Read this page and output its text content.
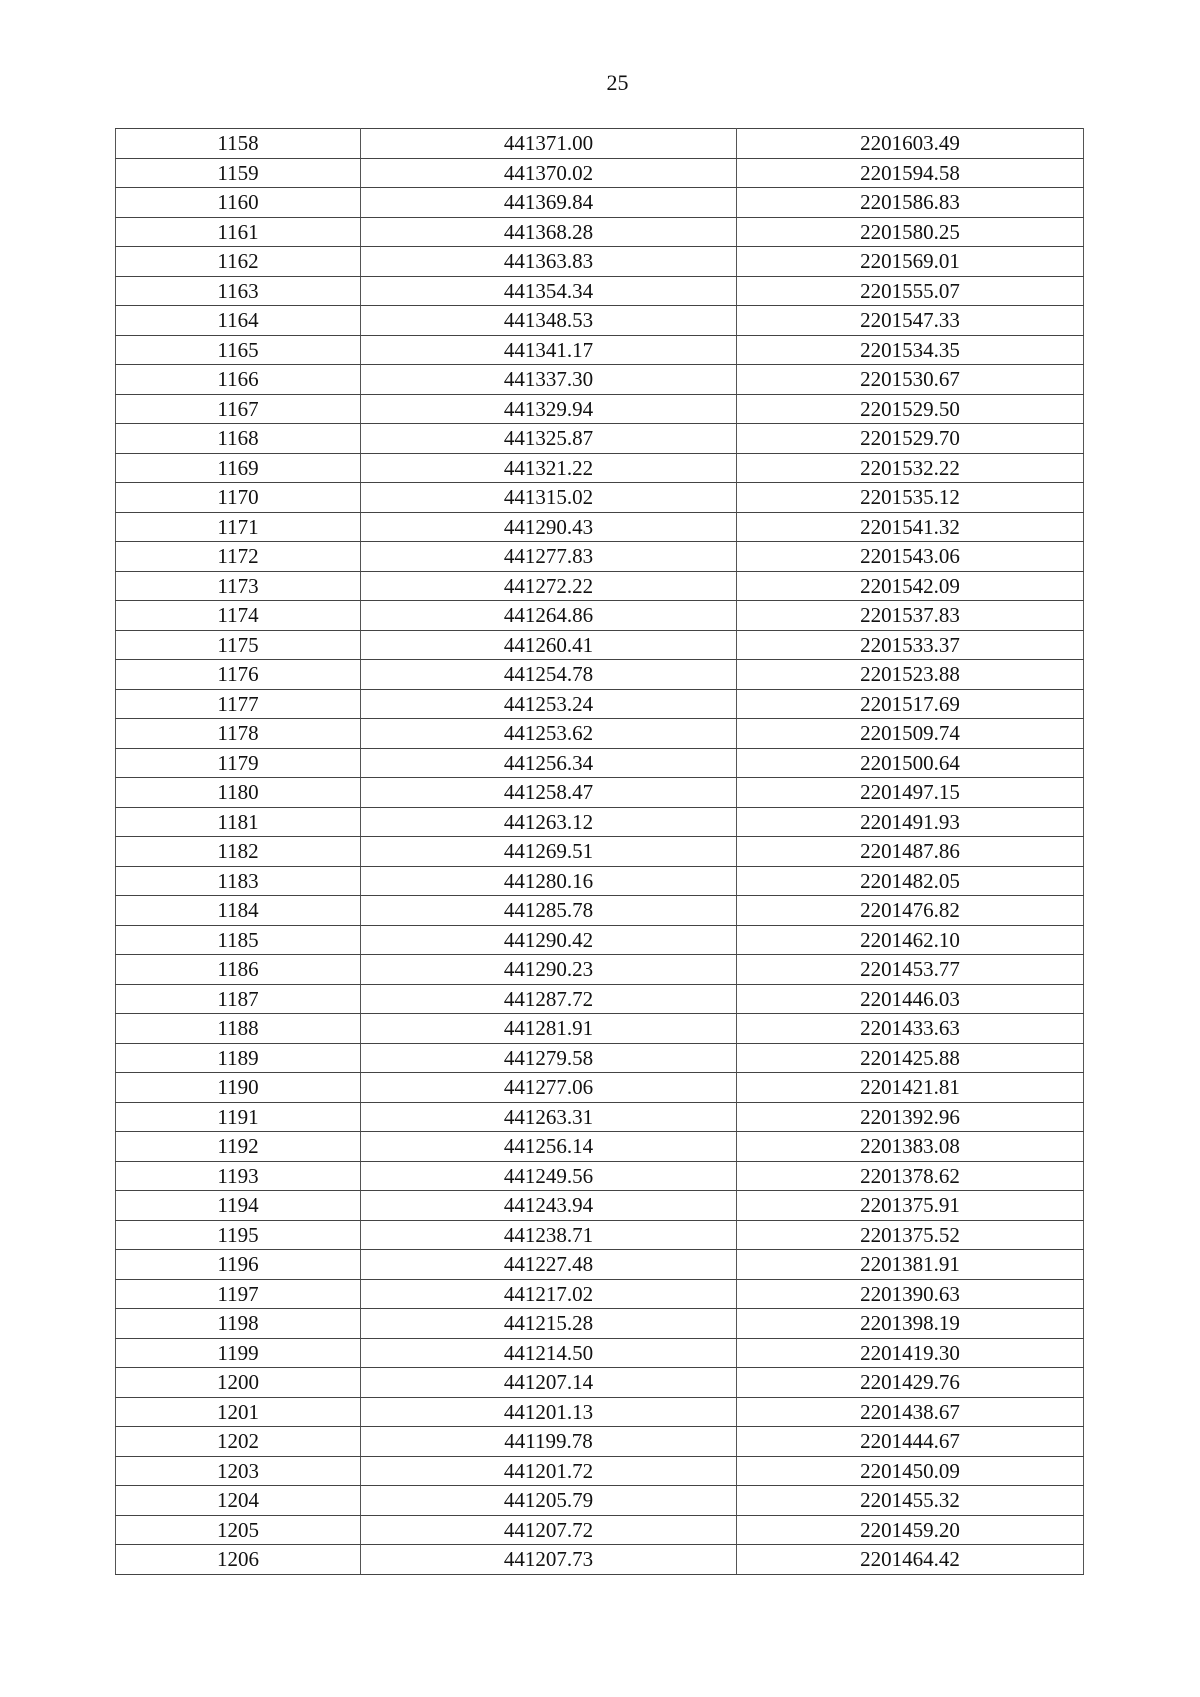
25
1158	441371.00	2201603.49
1159	441370.02	2201594.58
1160	441369.84	2201586.83
1161	441368.28	2201580.25
1162	441363.83	2201569.01
1163	441354.34	2201555.07
1164	441348.53	2201547.33
1165	441341.17	2201534.35
1166	441337.30	2201530.67
1167	441329.94	2201529.50
1168	441325.87	2201529.70
1169	441321.22	2201532.22
1170	441315.02	2201535.12
1171	441290.43	2201541.32
1172	441277.83	2201543.06
1173	441272.22	2201542.09
1174	441264.86	2201537.83
1175	441260.41	2201533.37
1176	441254.78	2201523.88
1177	441253.24	2201517.69
1178	441253.62	2201509.74
1179	441256.34	2201500.64
1180	441258.47	2201497.15
1181	441263.12	2201491.93
1182	441269.51	2201487.86
1183	441280.16	2201482.05
1184	441285.78	2201476.82
1185	441290.42	2201462.10
1186	441290.23	2201453.77
1187	441287.72	2201446.03
1188	441281.91	2201433.63
1189	441279.58	2201425.88
1190	441277.06	2201421.81
1191	441263.31	2201392.96
1192	441256.14	2201383.08
1193	441249.56	2201378.62
1194	441243.94	2201375.91
1195	441238.71	2201375.52
1196	441227.48	2201381.91
1197	441217.02	2201390.63
1198	441215.28	2201398.19
1199	441214.50	2201419.30
1200	441207.14	2201429.76
1201	441201.13	2201438.67
1202	441199.78	2201444.67
1203	441201.72	2201450.09
1204	441205.79	2201455.32
1205	441207.72	2201459.20
1206	441207.73	2201464.42
